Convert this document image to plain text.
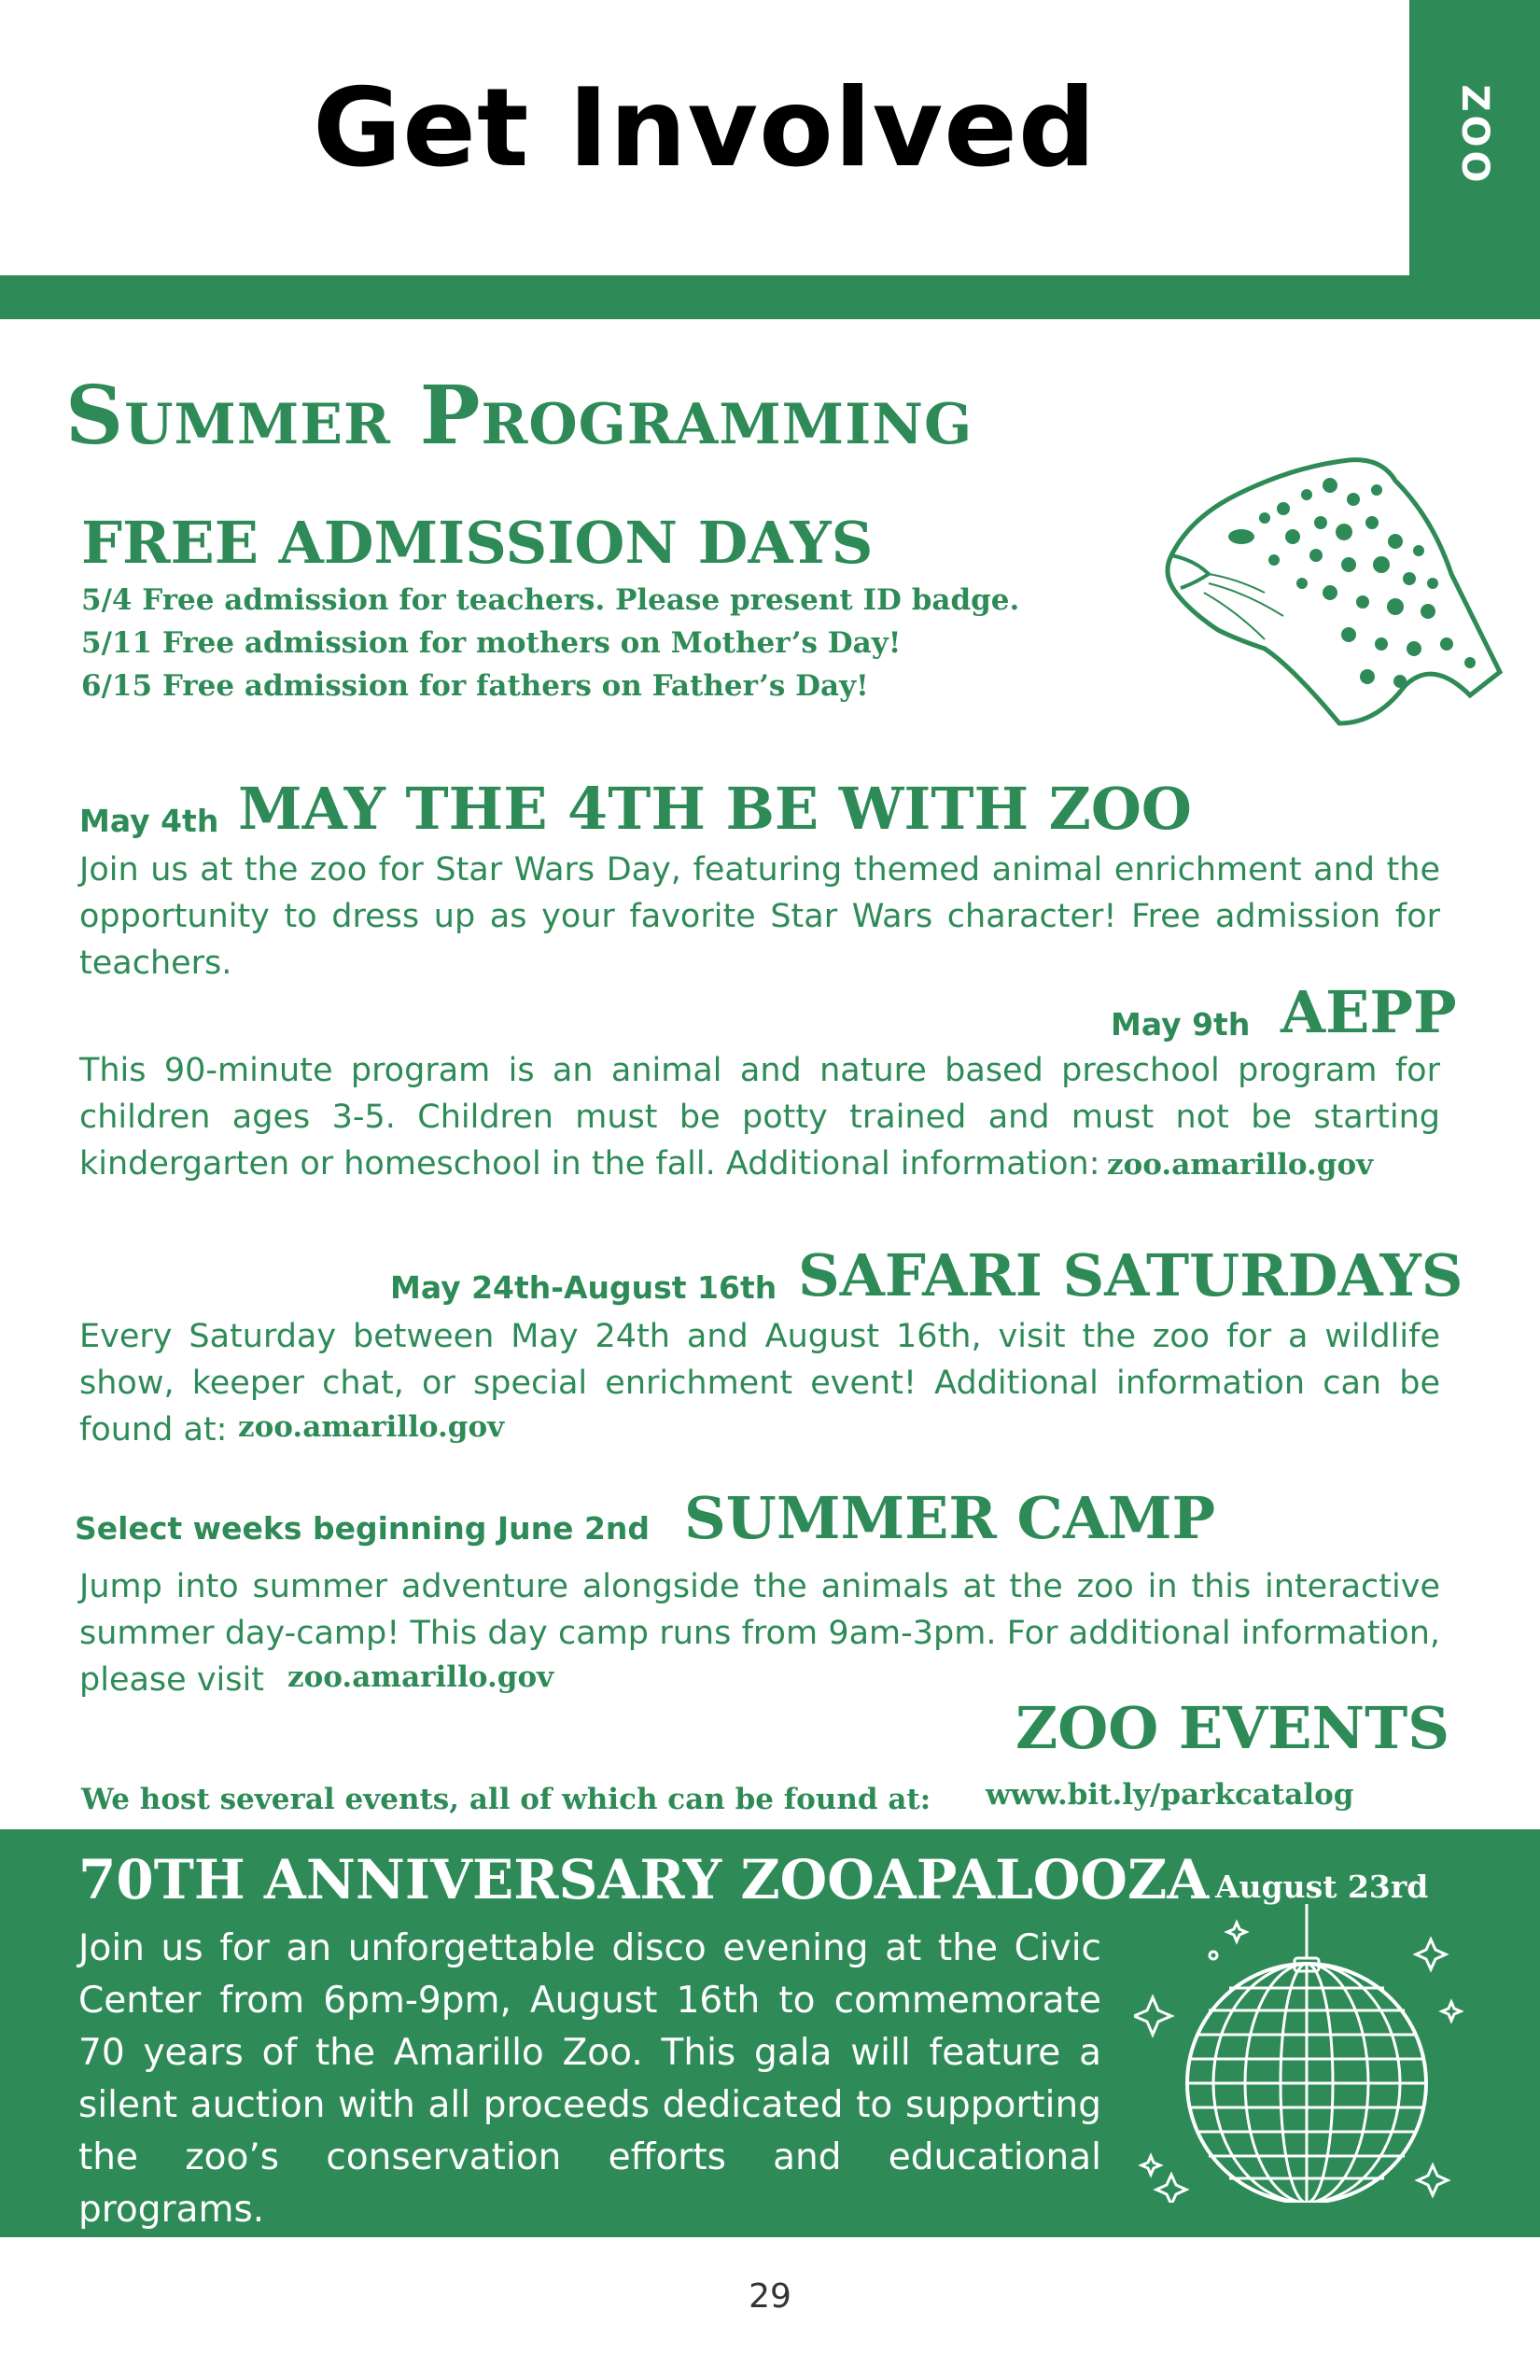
Get Involved	ZOO
Summer Programming
FREE ADMISSION DAYS
5/4 Free admission for teachers. Please present ID badge.
5/11 Free admission for mothers on Mother’s Day!
6/15 Free admission for fathers on Father’s Day!
May 4th MAY THE 4TH BE WITH ZOO
Join us at the zoo for Star Wars Day, featuring themed animal enrichment and the opportunity to dress up as your favorite Star Wars character! Free admission for teachers.
May 9th AEPP
This 90-minute program is an animal and nature based preschool program for children ages 3-5. Children must be potty trained and must not be starting kindergarten or homeschool in the fall. Additional information: zoo.amarillo.gov
May 24th-August 16th SAFARI SATURDAYS
Every Saturday between May 24th and August 16th, visit the zoo for a wildlife show, keeper chat, or special enrichment event! Additional information can be found at: zoo.amarillo.gov
Select weeks beginning June 2nd SUMMER CAMP
Jump into summer adventure alongside the animals at the zoo in this interactive summer day-camp! This day camp runs from 9am-3pm. For additional information, please visit zoo.amarillo.gov
ZOO EVENTS
We host several events, all of which can be found at: www.bit.ly/parkcatalog
70TH ANNIVERSARY ZOOAPALOOZA August 23rd
Join us for an unforgettable disco evening at the Civic Center from 6pm-9pm, August 16th to commemorate 70 years of the Amarillo Zoo. This gala will feature a silent auction with all proceeds dedicated to supporting the zoo’s conservation efforts and educational programs.
29
